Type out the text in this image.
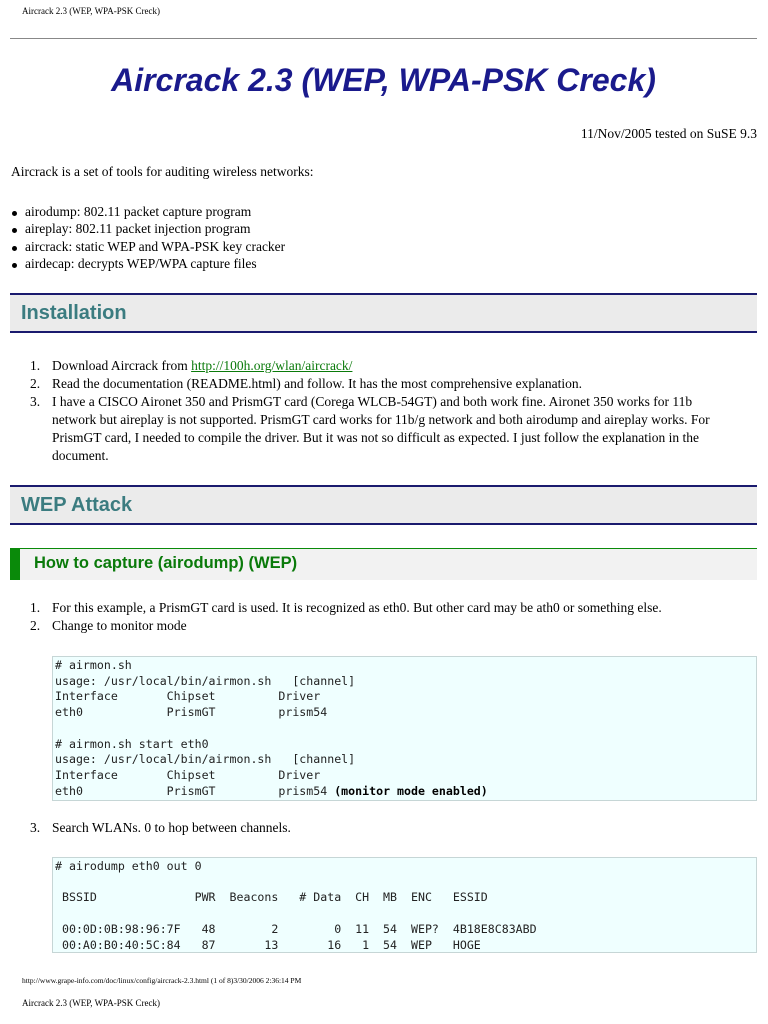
Aircrack 2.3 (WEP, WPA-PSK Creck)
Aircrack 2.3 (WEP, WPA-PSK Creck)
11/Nov/2005 tested on SuSE 9.3
Aircrack is a set of tools for auditing wireless networks:
airodump: 802.11 packet capture program
aireplay: 802.11 packet injection program
aircrack: static WEP and WPA-PSK key cracker
airdecap: decrypts WEP/WPA capture files
Installation
1. Download Aircrack from http://100h.org/wlan/aircrack/
2. Read the documentation (README.html) and follow. It has the most comprehensive explanation.
3. I have a CISCO Aironet 350 and PrismGT card (Corega WLCB-54GT) and both work fine. Aironet 350 works for 11b network but aireplay is not supported. PrismGT card works for 11b/g network and both airodump and aireplay works. For PrismGT card, I needed to compile the driver. But it was not so difficult as expected. I just follow the explanation in the document.
WEP Attack
How to capture (airodump) (WEP)
1. For this example, a PrismGT card is used. It is recognized as eth0. But other card may be ath0 or something else.
2. Change to monitor mode
# airmon.sh
usage: /usr/local/bin/airmon.sh   [channel]
Interface       Chipset         Driver
eth0            PrismGT         prism54

# airmon.sh start eth0
usage: /usr/local/bin/airmon.sh   [channel]
Interface       Chipset         Driver
eth0            PrismGT         prism54 (monitor mode enabled)
3. Search WLANs. 0 to hop between channels.
# airodump eth0 out 0

BSSID              PWR  Beacons   # Data  CH  MB  ENC   ESSID

00:0D:0B:98:96:7F   48        2        0  11  54  WEP?  4B18E8C83ABD
00:A0:B0:40:5C:84   87       13       16   1  54  WEP   HOGE
http://www.grape-info.com/doc/linux/config/aircrack-2.3.html (1 of 8)3/30/2006 2:36:14 PM
Aircrack 2.3 (WEP, WPA-PSK Creck)
